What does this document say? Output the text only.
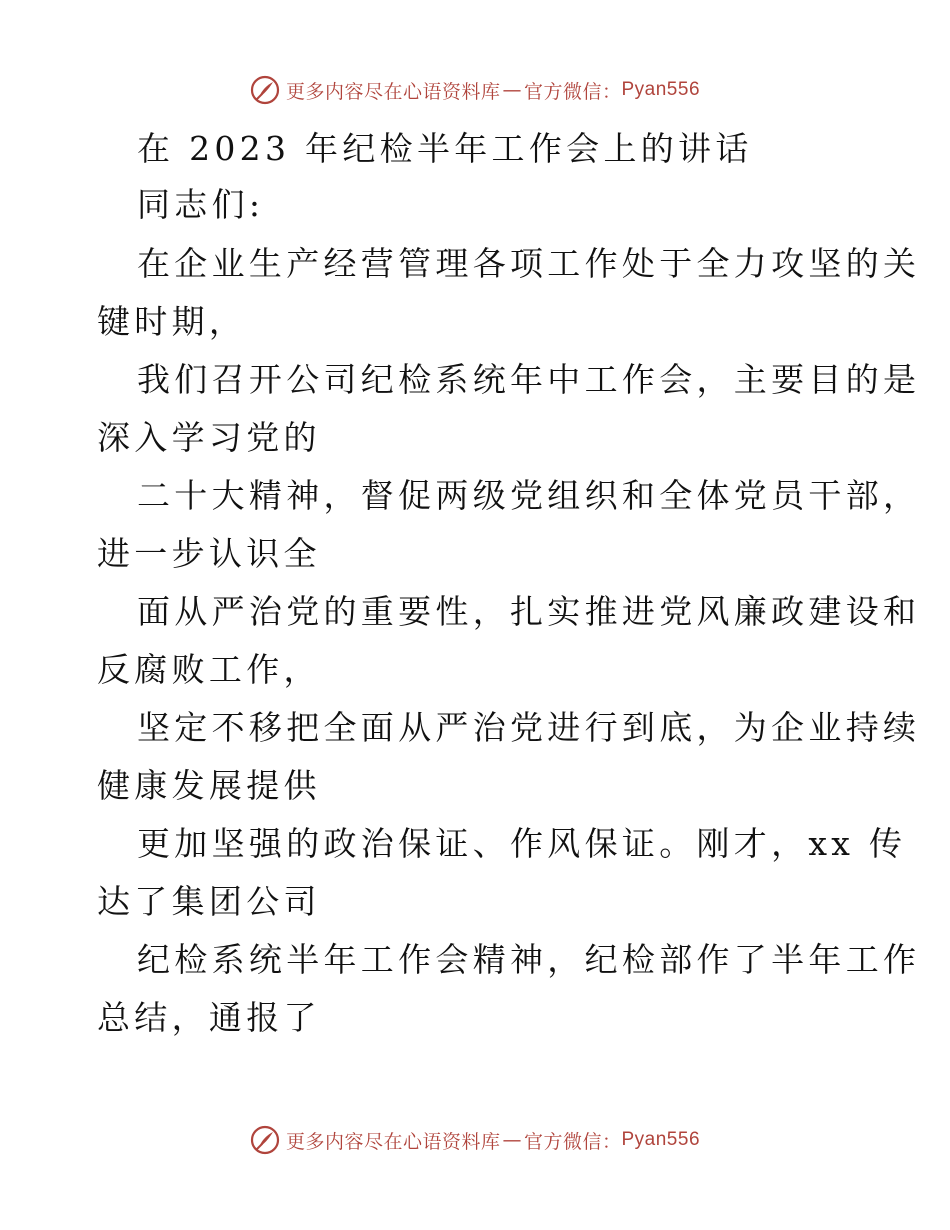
更多内容尽在心语资料库 — 官方微信： Pyan556
在 2023 年纪检半年工作会上的讲话
同志们:
在企业生产经营管理各项工作处于全力攻坚的关
键时期，
我们召开公司纪检系统年中工作会，主要目的是
深入学习党的
二十大精神，督促两级党组织和全体党员干部，
进一步认识全
面从严治党的重要性，扎实推进党风廉政建设和
反腐败工作，
坚定不移把全面从严治党进行到底，为企业持续
健康发展提供
更加坚强的政治保证、作风保证。刚才，xx 传
达了集团公司
纪检系统半年工作会精神，纪检部作了半年工作
总结，通报了
更多内容尽在心语资料库 — 官方微信： Pyan556
